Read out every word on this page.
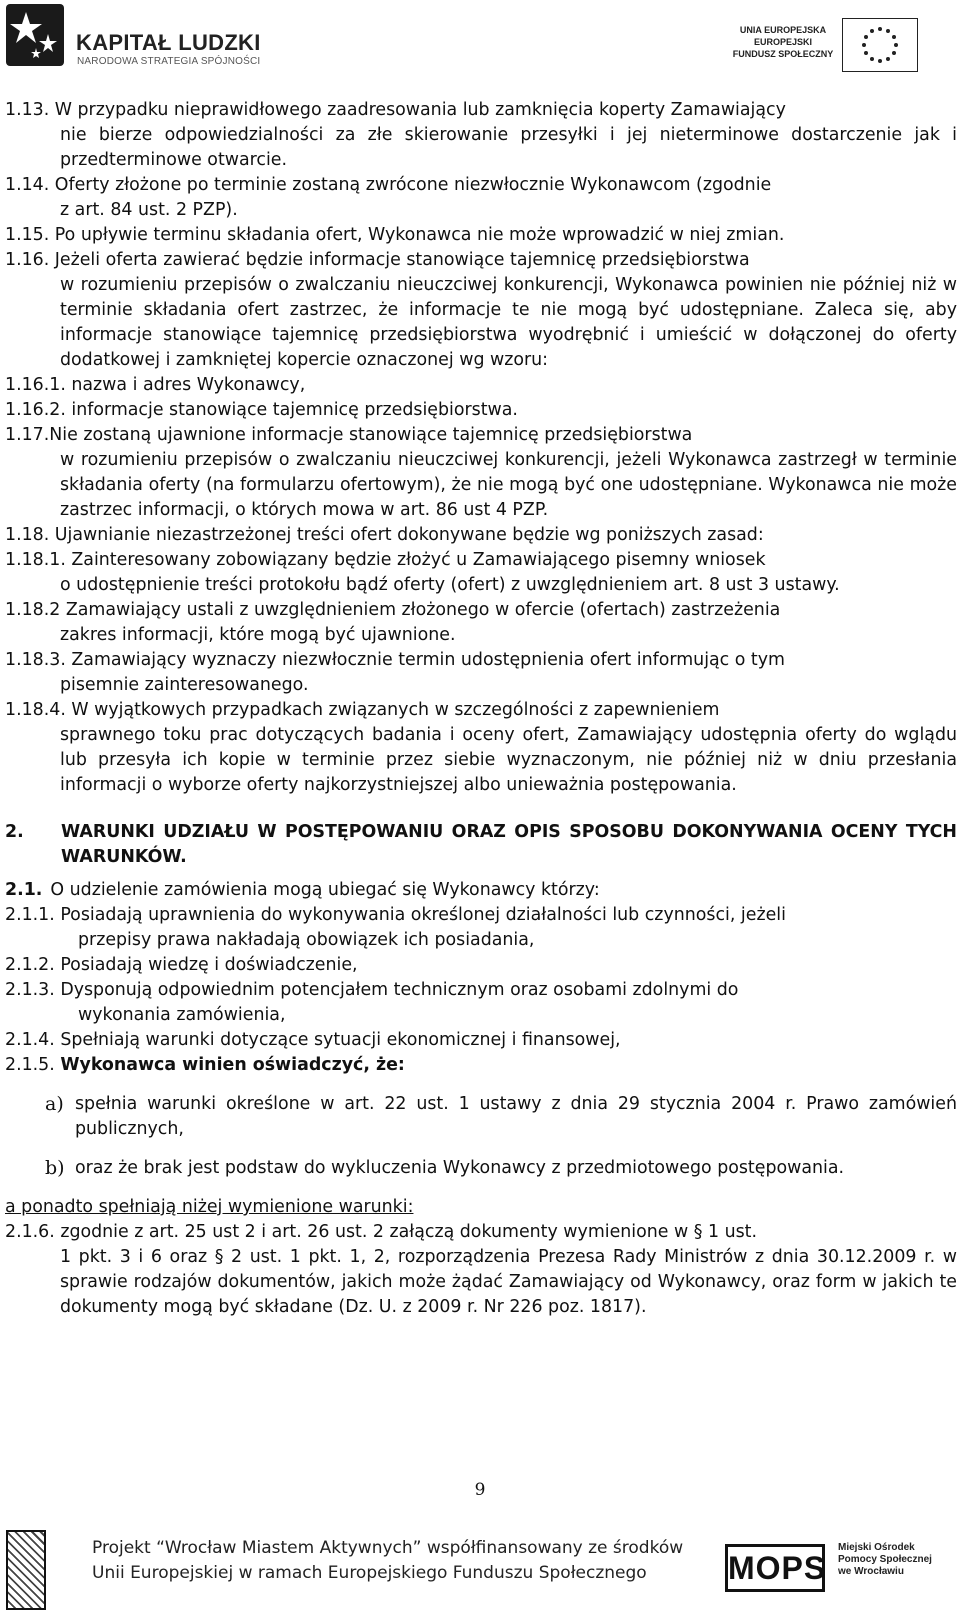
KAPITAŁ LUDZKI
NARODOWA STRATEGIA SPÓJNOŚCI
UNIA EUROPEJSKA
EUROPEJSKI
FUNDUSZ SPOŁECZNY
1.13. W przypadku nieprawidłowego zaadresowania lub zamknięcia koperty Zamawiający

nie bierze odpowiedzialności za złe skierowanie przesyłki i jej nieterminowe dostarczenie jak i przedterminowe otwarcie.

1.14. Oferty złożone po terminie zostaną zwrócone niezwłocznie Wykonawcom (zgodnie

z art. 84 ust. 2 PZP).

1.15. Po upływie terminu składania ofert, Wykonawca nie może wprowadzić w niej zmian.
1.16. Jeżeli oferta zawierać będzie informacje stanowiące tajemnicę przedsiębiorstwa

w rozumieniu przepisów o zwalczaniu nieuczciwej konkurencji, Wykonawca powinien nie później niż w terminie składania ofert zastrzec, że informacje te nie mogą być udostępniane. Zaleca się, aby informacje stanowiące tajemnicę przedsiębiorstwa wyodrębnić i umieścić w dołączonej do oferty dodatkowej i zamkniętej kopercie oznaczonej wg wzoru:

1.16.1. nazwa i adres Wykonawcy,
1.16.2. informacje stanowiące tajemnicę przedsiębiorstwa.
1.17. Nie zostaną ujawnione informacje stanowiące tajemnicę przedsiębiorstwa

w rozumieniu przepisów o zwalczaniu nieuczciwej konkurencji, jeżeli Wykonawca zastrzegł w terminie składania oferty (na formularzu ofertowym), że nie mogą być one udostępniane. Wykonawca nie może zastrzec informacji, o których mowa w art. 86 ust 4 PZP.

1.18. Ujawnianie niezastrzeżonej treści ofert dokonywane będzie wg poniższych zasad:
1.18.1. Zainteresowany zobowiązany będzie złożyć u Zamawiającego pisemny wniosek

o udostępnienie treści protokołu bądź oferty (ofert) z uwzględnieniem art. 8 ust 3 ustawy.

1.18.2 Zamawiający ustali z uwzględnieniem złożonego w ofercie (ofertach) zastrzeżenia

zakres informacji, które mogą być ujawnione.

1.18.3. Zamawiający wyznaczy niezwłocznie termin udostępnienia ofert informując o tym

pisemnie zainteresowanego.

1.18.4. W wyjątkowych przypadkach związanych w szczególności z zapewnieniem

sprawnego toku prac dotyczących badania i oceny ofert, Zamawiający udostępnia oferty do wglądu lub przesyła ich kopie w terminie przez siebie wyznaczonym, nie później niż w dniu przesłania informacji o wyborze oferty najkorzystniejszej albo unieważnia postępowania.

2.	WARUNKI UDZIAŁU W POSTĘPOWANIU ORAZ OPIS SPOSOBU DOKONYWANIA OCENY TYCH WARUNKÓW.
2.1. O udzielenie zamówienia mogą ubiegać się Wykonawcy którzy:
2.1.1. Posiadają uprawnienia do wykonywania określonej działalności lub czynności, jeżeli

przepisy prawa nakładają obowiązek ich posiadania,

2.1.2. Posiadają wiedzę i doświadczenie,
2.1.3. Dysponują odpowiednim potencjałem technicznym oraz osobami zdolnymi do

wykonania zamówienia,

2.1.4. Spełniają warunki dotyczące sytuacji ekonomicznej i finansowej,
2.1.5. Wykonawca winien oświadczyć, że:
a) spełnia warunki określone w art. 22 ust. 1 ustawy z dnia 29 stycznia 2004 r. Prawo zamówień publicznych,
b) oraz że brak jest podstaw do wykluczenia Wykonawcy z przedmiotowego postępowania.
a ponadto spełniają niżej wymienione warunki:
2.1.6. zgodnie z art. 25 ust 2 i art. 26 ust. 2 załączą dokumenty wymienione w § 1 ust.

1 pkt. 3 i 6 oraz § 2 ust. 1 pkt. 1, 2, rozporządzenia Prezesa Rady Ministrów z dnia 30.12.2009 r. w sprawie rodzajów dokumentów, jakich może żądać Zamawiający od Wykonawcy, oraz form w jakich te dokumenty mogą być składane (Dz. U. z 2009 r. Nr 226 poz. 1817).

9
Projekt “Wrocław Miastem Aktywnych” współfinansowany ze środków
Unii Europejskiej w ramach Europejskiego Funduszu Społecznego	MOPS
Miejski Ośrodek
Pomocy Społecznej
we Wrocławiu
